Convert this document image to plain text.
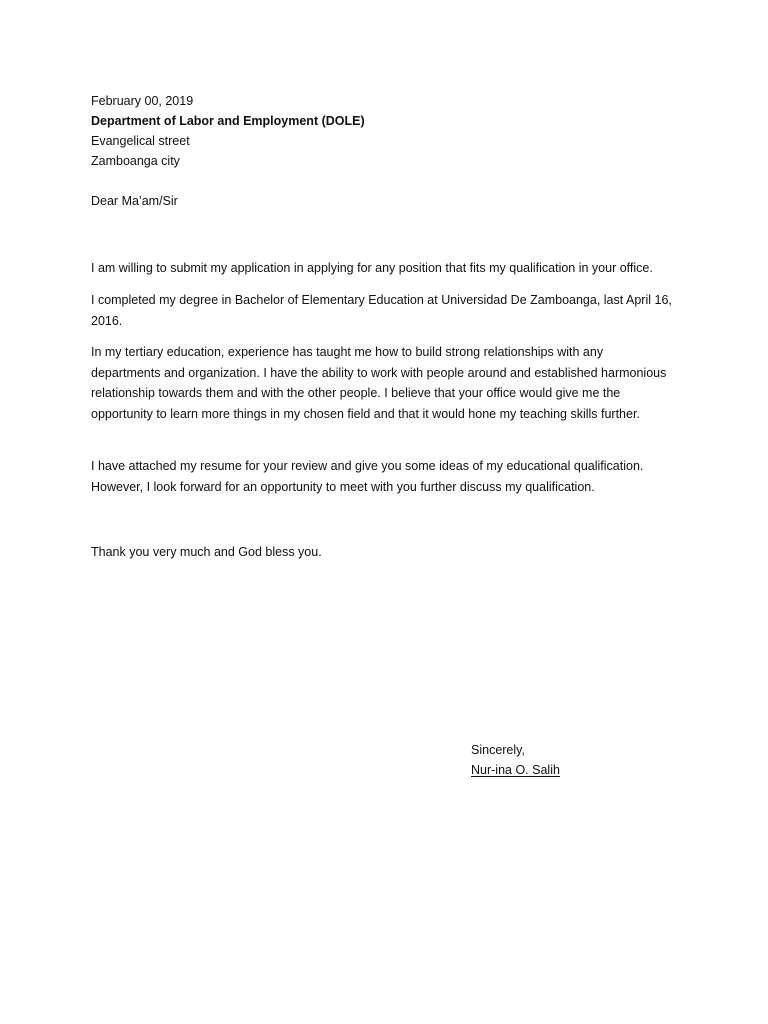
February 00, 2019

Department of Labor and Employment (DOLE)

Evangelical street

Zamboanga city

Dear Ma’am/Sir

I am willing to submit my application in applying for any position that fits my qualification in your office.

I completed my degree in Bachelor of Elementary Education at Universidad De Zamboanga, last April 16, 2016.

In my tertiary education, experience has taught me how to build strong relationships with any departments and organization. I have the ability to work with people around and established harmonious relationship towards them and with the other people. I believe that your office would give me the opportunity to learn more things in my chosen field and that it would hone my teaching skills further.

I have attached my resume for your review and give you some ideas of my educational qualification. However, I look forward for an opportunity to meet with you further discuss my qualification.

Thank you very much and God bless you.

Sincerely,

Nur-ina O. Salih
